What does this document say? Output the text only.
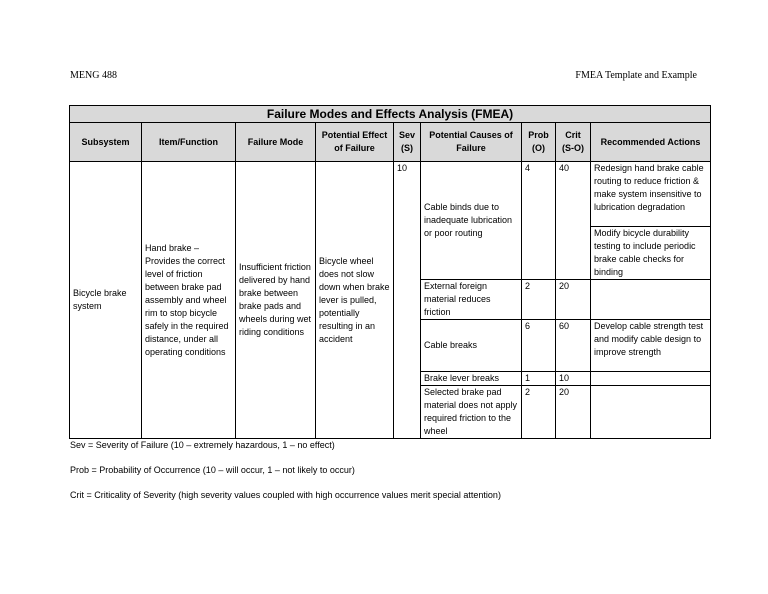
MENG 488	FMEA Template and Example
Failure Modes and Effects Analysis (FMEA)								
Subsystem	Item/Function	Failure Mode	Potential Effect of Failure	Sev (S)	Potential Causes of Failure	Prob (O)	Crit (S-O)	Recommended Actions
Bicycle brake system	Hand brake – Provides the correct level of friction between brake pad assembly and wheel rim to stop bicycle safely in the required distance, under all operating conditions	Insufficient friction delivered by hand brake between brake pads and wheels during wet riding conditions	Bicycle wheel does not slow down when brake lever is pulled, potentially resulting in an accident	10	Cable binds due to inadequate lubrication or poor routing	4	40	Redesign hand brake cable routing to reduce friction & make system insensitive to lubrication degradation
								Modify bicycle durability testing to include periodic brake cable checks for binding
					External foreign material reduces friction	2	20	
					Cable breaks	6	60	Develop cable strength test and modify cable design to improve strength
					Brake lever breaks	1	10	
					Selected brake pad material does not apply required friction to the wheel	2	20	
Sev = Severity of Failure (10 – extremely hazardous, 1 – no effect)
Prob = Probability of Occurrence (10 – will occur, 1 – not likely to occur)
Crit = Criticality of Severity (high severity values coupled with high occurrence values merit special attention)
